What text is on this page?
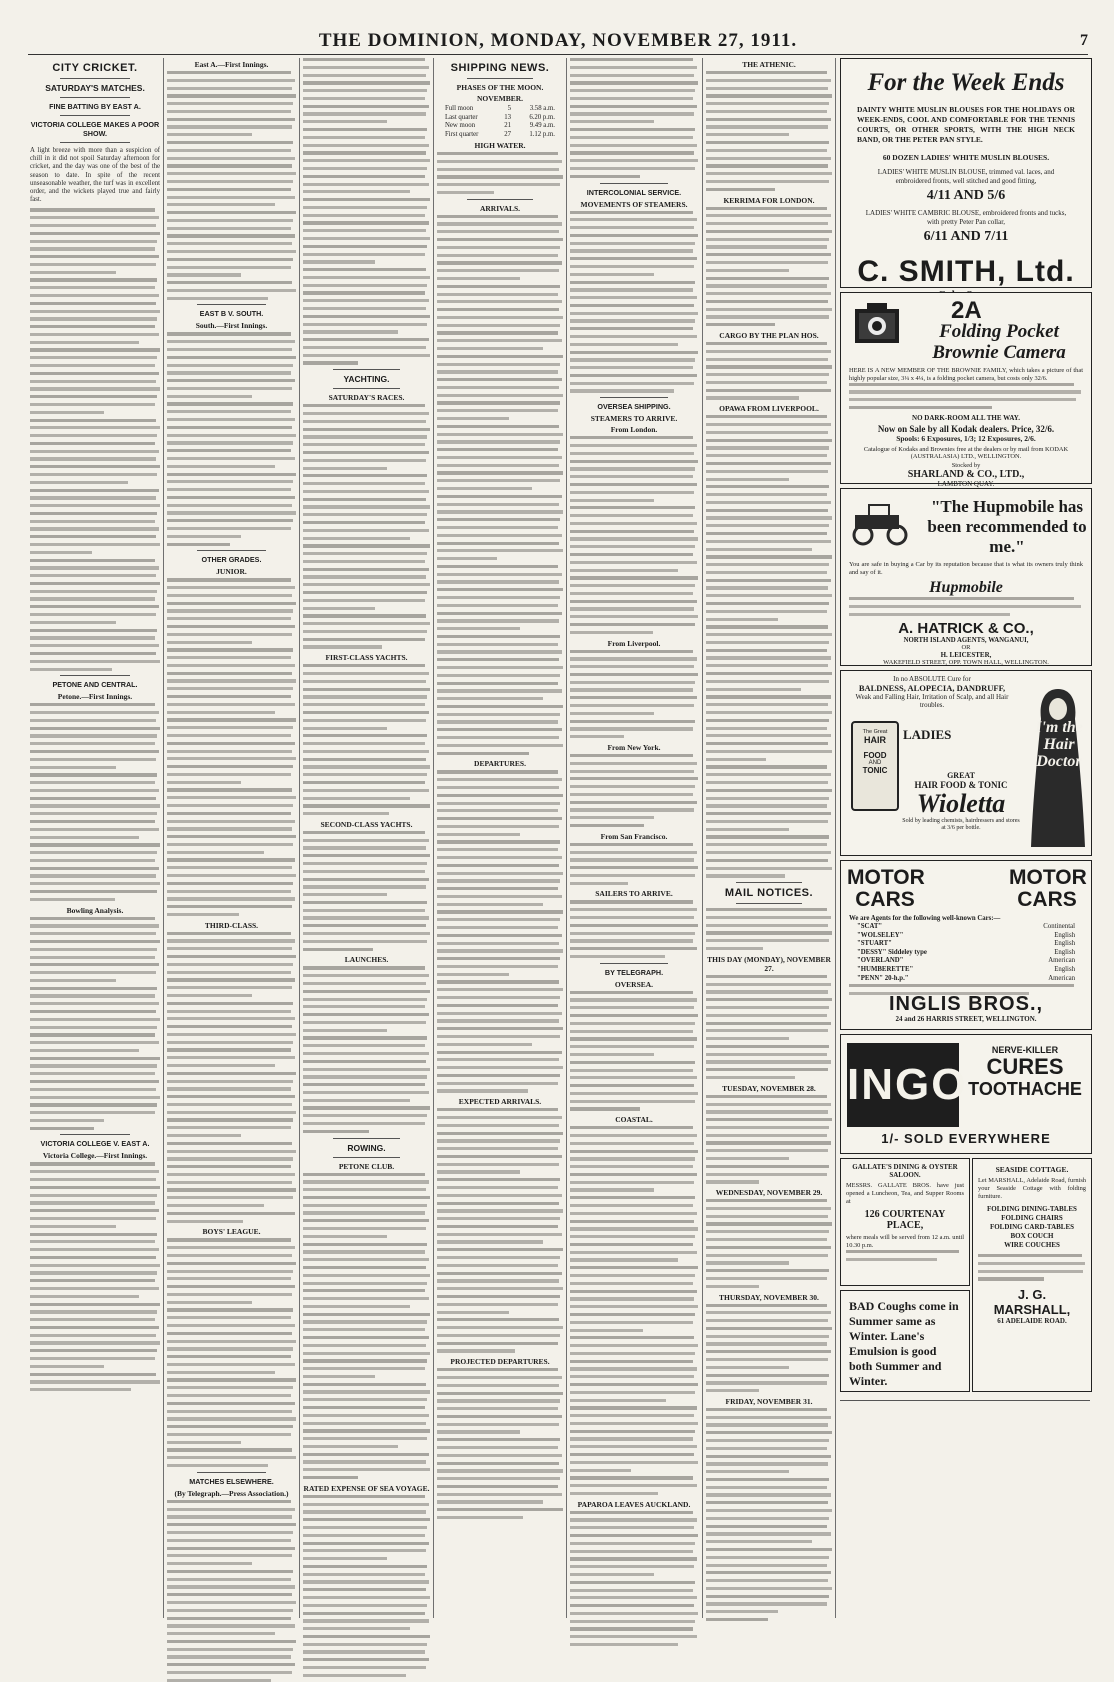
THE DOMINION, MONDAY, NOVEMBER 27, 1911.	7
CITY CRICKET.
SATURDAY'S MATCHES.
FINE BATTING BY EAST A.
VICTORIA COLLEGE MAKES A POOR SHOW.

A light breeze with more than a suspicion of chill in it did not spoil Saturday afternoon for cricket, and the day was one of the best of the season to date. In spite of the recent unseasonable weather, the turf was in excellent order, and the wickets played true and fairly fast.

PETONE AND CENTRAL.
Petone.—First Innings.
Bowling Analysis.
VICTORIA COLLEGE V. EAST A.
Victoria College.—First Innings.
East A.—First Innings.
EAST B V. SOUTH.
South.—First Innings.
OTHER GRADES.
JUNIOR.
THIRD-CLASS.
BOYS' LEAGUE.
MATCHES ELSEWHERE.
(By Telegraph.—Press Association.)
YACHTING.
SATURDAY'S RACES.
FIRST-CLASS YACHTS.
SECOND-CLASS YACHTS.
LAUNCHES.
ROWING.
PETONE CLUB.
RATED EXPENSE OF SEA VOYAGE.
SHIPPING NEWS.
PHASES OF THE MOON.
NOVEMBER.
Full moon	5	3.58 a.m.
Last quarter	13	6.20 p.m.
New moon	21	9.49 a.m.
First quarter	27	1.12 p.m.
HIGH WATER.
ARRIVALS.
DEPARTURES.
EXPECTED ARRIVALS.
PROJECTED DEPARTURES.
INTERCOLONIAL SERVICE.
MOVEMENTS OF STEAMERS.
OVERSEA SHIPPING.
STEAMERS TO ARRIVE.
From London.
From Liverpool.
From New York.
From San Francisco.
SAILERS TO ARRIVE.
BY TELEGRAPH.
OVERSEA.
COASTAL.
PAPAROA LEAVES AUCKLAND.
THE ATHENIC.
KERRIMA FOR LONDON.
CARGO BY THE PLAN HOS.
OPAWA FROM LIVERPOOL.
MAIL NOTICES.
THIS DAY (MONDAY), NOVEMBER 27.
TUESDAY, NOVEMBER 28.
WEDNESDAY, NOVEMBER 29.
THURSDAY, NOVEMBER 30.
FRIDAY, NOVEMBER 31.
For the Week Ends
DAINTY WHITE MUSLIN BLOUSES FOR THE HOLIDAYS OR WEEK-ENDS, COOL AND COMFORTABLE FOR THE TENNIS COURTS, OR OTHER SPORTS, WITH THE HIGH NECK BAND, OR THE PETER PAN STYLE.
60 DOZEN LADIES' WHITE MUSLIN BLOUSES.
LADIES' WHITE MUSLIN BLOUSE, trimmed val. laces, and embroidered fronts, well stitched and good fitting,
4/11 AND 5/6
LADIES' WHITE CAMBRIC BLOUSE, embroidered fronts and tucks, with pretty Peter Pan collar,
6/11 AND 7/11
C. SMITH, Ltd.
2A
Folding Pocket Brownie Camera

HERE IS A NEW MEMBER OF THE BROWNIE FAMILY, which takes a picture of that highly popular size, 3¼ x 4¼, is a folding pocket camera, but costs only 32/6.

NO DARK-ROOM ALL THE WAY.
Now on Sale by all Kodak dealers. Price, 32/6.
Spools: 6 Exposures, 1/3; 12 Exposures, 2/6.
Catalogue of Kodaks and Brownies free at the dealers or by mail from KODAK (AUSTRALASIA) LTD., WELLINGTON.
Stocked by
SHARLAND & CO., LTD.,
LAMBTON QUAY.
"The Hupmobile has been recommended to me."

You are safe in buying a Car by its reputation because that is what its owners truly think and say of it.

Hupmobile
A. HATRICK & CO.,
NORTH ISLAND AGENTS, WANGANUI,
OR
H. LEICESTER,
WAKEFIELD STREET, OPP. TOWN HALL, WELLINGTON.
In no ABSOLUTE Cure for
BALDNESS, ALOPECIA, DANDRUFF,
Weak and Falling Hair, Irritation of Scalp, and all Hair troubles.
The Great
HAIR
FOOD
AND
TONIC
LADIES
GREAT
HAIR FOOD & TONIC
Wioletta
Sold by leading chemists, hairdressers and stores at 3/6 per bottle.
I'm the Hair Doctor
MOTOR CARS
MOTOR CARS
We are Agents for the following well-known Cars:—
"SCAT"	Continental
"WOLSELEY"	English
"STUART"	English
"DESSY" Siddeley type	English
"OVERLAND"	American
"HUMBERETTE"	English
"PENN" 20-h.p."	American
INGLIS BROS.,
24 and 26 HARRIS STREET, WELLINGTON.
INGO
NERVE-KILLER
CURES
TOOTHACHE
1/- SOLD EVERYWHERE
GALLATE'S DINING & OYSTER SALOON.

MESSRS. GALLATE BROS. have just opened a Luncheon, Tea, and Supper Rooms at

126 COURTENAY PLACE,

where meals will be served from 12 a.m. until 10.30 p.m.

BAD Coughs come in Summer same as Winter. Lane's Emulsion is good both Summer and Winter.
SEASIDE COTTAGE.

Let MARSHALL, Adelaide Road, furnish your Seaside Cottage with folding furniture.

FOLDING DINING-TABLES
FOLDING CHAIRS
FOLDING CARD-TABLES
BOX COUCH
WIRE COUCHES
J. G. MARSHALL,
61 ADELAIDE ROAD.
